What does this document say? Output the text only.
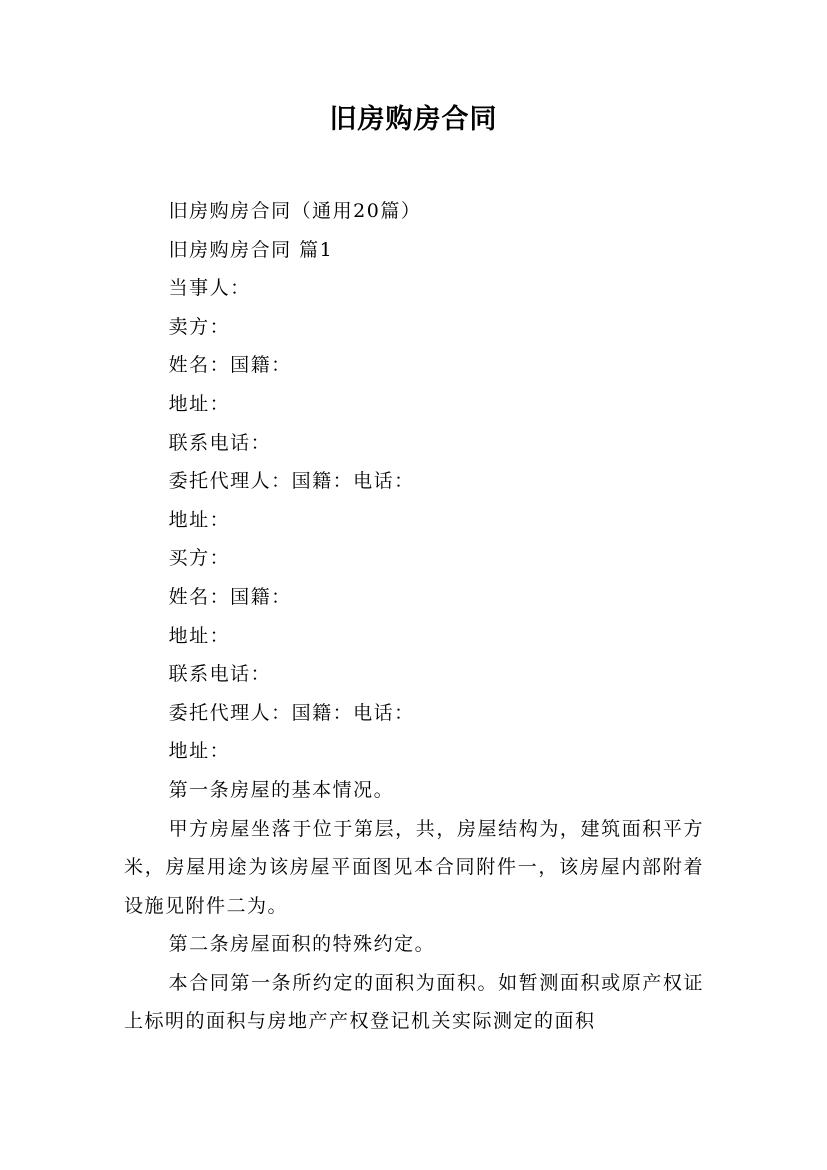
旧房购房合同

旧房购房合同（通用20篇）

旧房购房合同 篇1

当事人：

卖方：

姓名：国籍：

地址：

联系电话：

委托代理人：国籍：电话：

地址：

买方：

姓名：国籍：

地址：

联系电话：

委托代理人：国籍：电话：

地址：

第一条房屋的基本情况。

甲方房屋坐落于位于第层，共，房屋结构为，建筑面积平方米，房屋用途为该房屋平面图见本合同附件一，该房屋内部附着设施见附件二为。

第二条房屋面积的特殊约定。

本合同第一条所约定的面积为面积。如暂测面积或原产权证上标明的面积与房地产产权登记机关实际测定的面积
